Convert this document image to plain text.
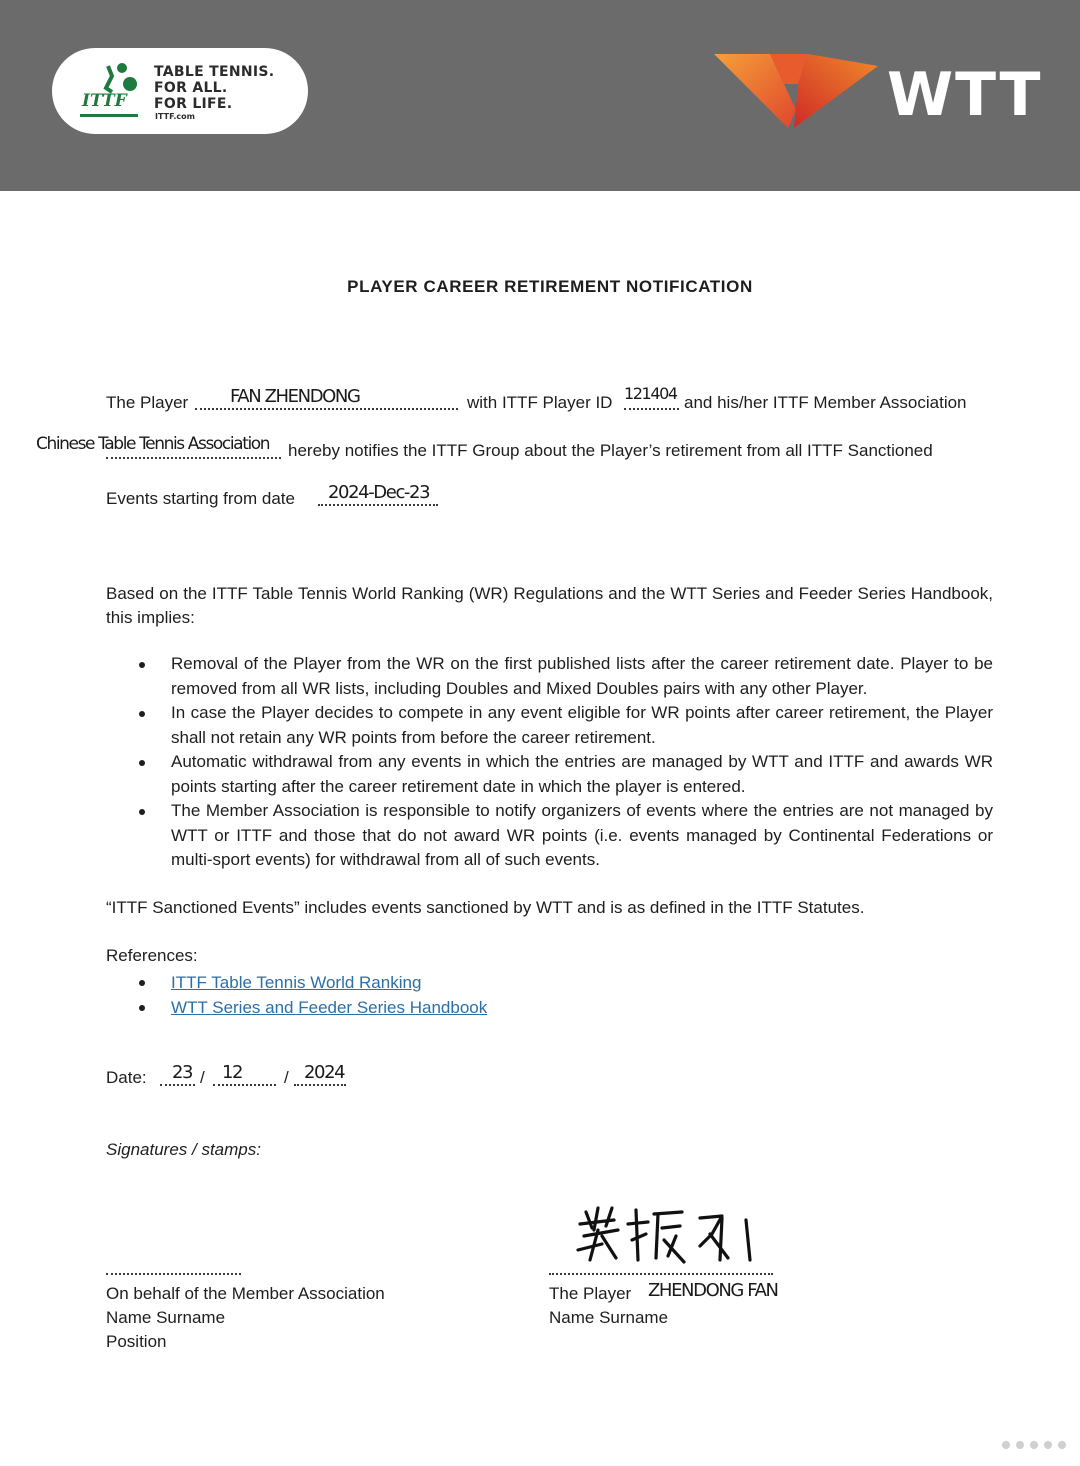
ITTF
TABLE TENNIS.
FOR ALL.
FOR LIFE.
ITTF.com	WTT
PLAYER CAREER RETIREMENT NOTIFICATION
The Player FAN ZHENDONG	with ITTF Player ID 121404 and his/her ITTF Member Association
Chinese Table Tennis Association hereby notifies the ITTF Group about the Player’s retirement from all ITTF Sanctioned
Events starting from date 2024-Dec-23
Based on the ITTF Table Tennis World Ranking (WR) Regulations and the WTT Series and Feeder Series Handbook, this implies:
Removal of the Player from the WR on the first published lists after the career retirement date. Player to be removed from all WR lists, including Doubles and Mixed Doubles pairs with any other Player.
In case the Player decides to compete in any event eligible for WR points after career retirement, the Player shall not retain any WR points from before the career retirement.
Automatic withdrawal from any events in which the entries are managed by WTT and ITTF and awards WR points starting after the career retirement date in which the player is entered.
The Member Association is responsible to notify organizers of events where the entries are not managed by WTT or ITTF and those that do not award WR points (i.e. events managed by Continental Federations or multi-sport events) for withdrawal from all of such events.
“ITTF Sanctioned Events” includes events sanctioned by WTT and is as defined in the ITTF Statutes.
References:
ITTF Table Tennis World Ranking
WTT Series and Feeder Series Handbook
Date: 23 / 12 / 2024
Signatures / stamps:
On behalf of the Member Association
Name Surname
Position
The Player ZHENDONG FAN
Name Surname
